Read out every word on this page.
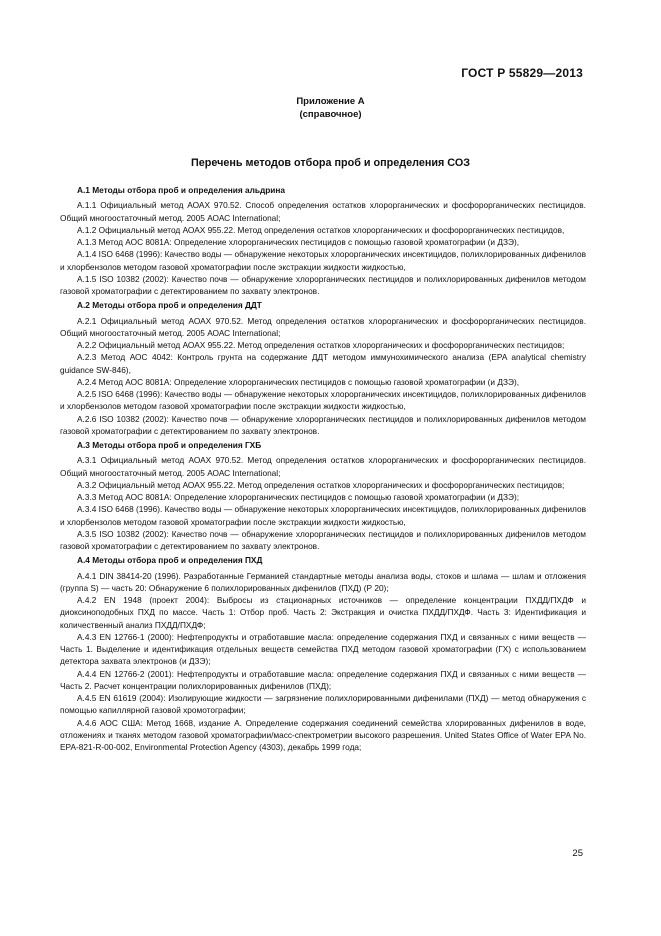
ГОСТ Р 55829—2013
Приложение А
(справочное)
Перечень методов отбора проб и определения СОЗ
А.1 Методы отбора проб и определения альдрина

А.1.1 Официальный метод АОАХ 970.52. Способ определения остатков хлорорганических и фосфорорганических пестицидов. Общий многоостаточный метод. 2005 АОАС International;

А.1.2 Официальный метод АОАХ 955.22. Метод определения остатков хлорорганических и фосфорорганических пестицидов,

А.1.3 Метод АОС 8081А: Определение хлорорганических пестицидов с помощью газовой хроматографии (и ДЗЭ),

А.1.4 ISO 6468 (1996): Качество воды — обнаружение некоторых хлорорганических инсектицидов, полихлорированных дифенилов и хлорбензолов методом газовой хроматографии после экстракции жидкости жидкостью,

А.1.5 ISO 10382 (2002): Качество почв — обнаружение хлорорганических пестицидов и полихлорированных дифенилов методом газовой хроматографии с детектированием по захвату электронов.

А.2 Методы отбора проб и определения ДДТ

А.2.1 Официальный метод АОАХ 970.52. Метод определения остатков хлорорганических и фосфорорганических пестицидов. Общий многоостаточный метод. 2005 АОАС International;

А.2.2 Официальный метод АОАХ 955.22. Метод определения остатков хлорорганических и фосфорорганических пестицидов;

А.2.3 Метод АОС 4042: Контроль грунта на содержание ДДТ методом иммунохимического анализа (EPA analytical chemistry guidance SW-846),

А.2.4 Метод АОС 8081А: Определение хлорорганических пестицидов с помощью газовой хроматографии (и ДЗЭ),

А.2.5 ISO 6468 (1996): Качество воды — обнаружение некоторых хлорорганических инсектицидов, полихлорированных дифенилов и хлорбензолов методом газовой хроматографии после экстракции жидкости жидкостью,

А.2.6 ISO 10382 (2002): Качество почв — обнаружение хлорорганических пестицидов и полихлорированных дифенилов методом газовой хроматографии с детектированием по захвату электронов.

А.3 Методы отбора проб и определения ГХБ

А.3.1 Официальный метод АОАХ 970.52. Метод определения остатков хлорорганических и фосфорорганических пестицидов. Общий многоостаточный метод. 2005 АОАС International;

А.3.2 Официальный метод АОАХ 955.22. Метод определения остатков хлорорганических и фосфорорганических пестицидов;

А.3.3 Метод АОС 8081А: Определение хлорорганических пестицидов с помощью газовой хроматографии (и ДЗЭ);

А.3.4 ISO 6468 (1996). Качество воды — обнаружение некоторых хлорорганических инсектицидов, полихлорированных дифенилов и хлорбензолов методом газовой хроматографии после экстракции жидкости жидкостью,

А.3.5 ISO 10382 (2002): Качество почв — обнаружение хлорорганических пестицидов и полихлорированных дифенилов методом газовой хроматографии с детектированием по захвату электронов.

А.4 Методы отбора проб и определения ПХД

А.4.1 DIN 38414-20 (1996). Разработанные Германией стандартные методы анализа воды, стоков и шлама — шлам и отложения (группа S) — часть 20: Обнаружение 6 полихлорированных дифенилов (ПХД) (Р 20);

А.4.2 EN 1948 (проект 2004): Выбросы из стационарных источников — определение концентрации ПХДД/ПХДФ и диоксиноподобных ПХД по массе. Часть 1: Отбор проб. Часть 2: Экстракция и очистка ПХДД/ПХДФ. Часть 3: Идентификация и количественный анализ ПХДД/ПХДФ;

А.4.3 EN 12766-1 (2000): Нефтепродукты и отработавшие масла: определение содержания ПХД и связанных с ними веществ — Часть 1. Выделение и идентификация отдельных веществ семейства ПХД методом газовой хроматографии (ГХ) с использованием детектора захвата электронов (и ДЗЭ);

А.4.4 EN 12766-2 (2001): Нефтепродукты и отработавшие масла: определение содержания ПХД и связанных с ними веществ — Часть 2. Расчет концентрации полихлорированных дифенилов (ПХД);

А.4.5 EN 61619 (2004): Изолирующие жидкости — загрязнение полихлорированными дифенилами (ПХД) — метод обнаружения с помощью капиллярной газовой хромотографии;

А.4.6 АОС США: Метод 1668, издание А. Определение содержания соединений семейства хлорированных дифенилов в воде, отложениях и тканях методом газовой хроматографии/масс-спектрометрии высокого разрешения. United States Office of Water EPA No. EPA-821-R-00-002, Environmental Protection Agency (4303), декабрь 1999 года;

25
